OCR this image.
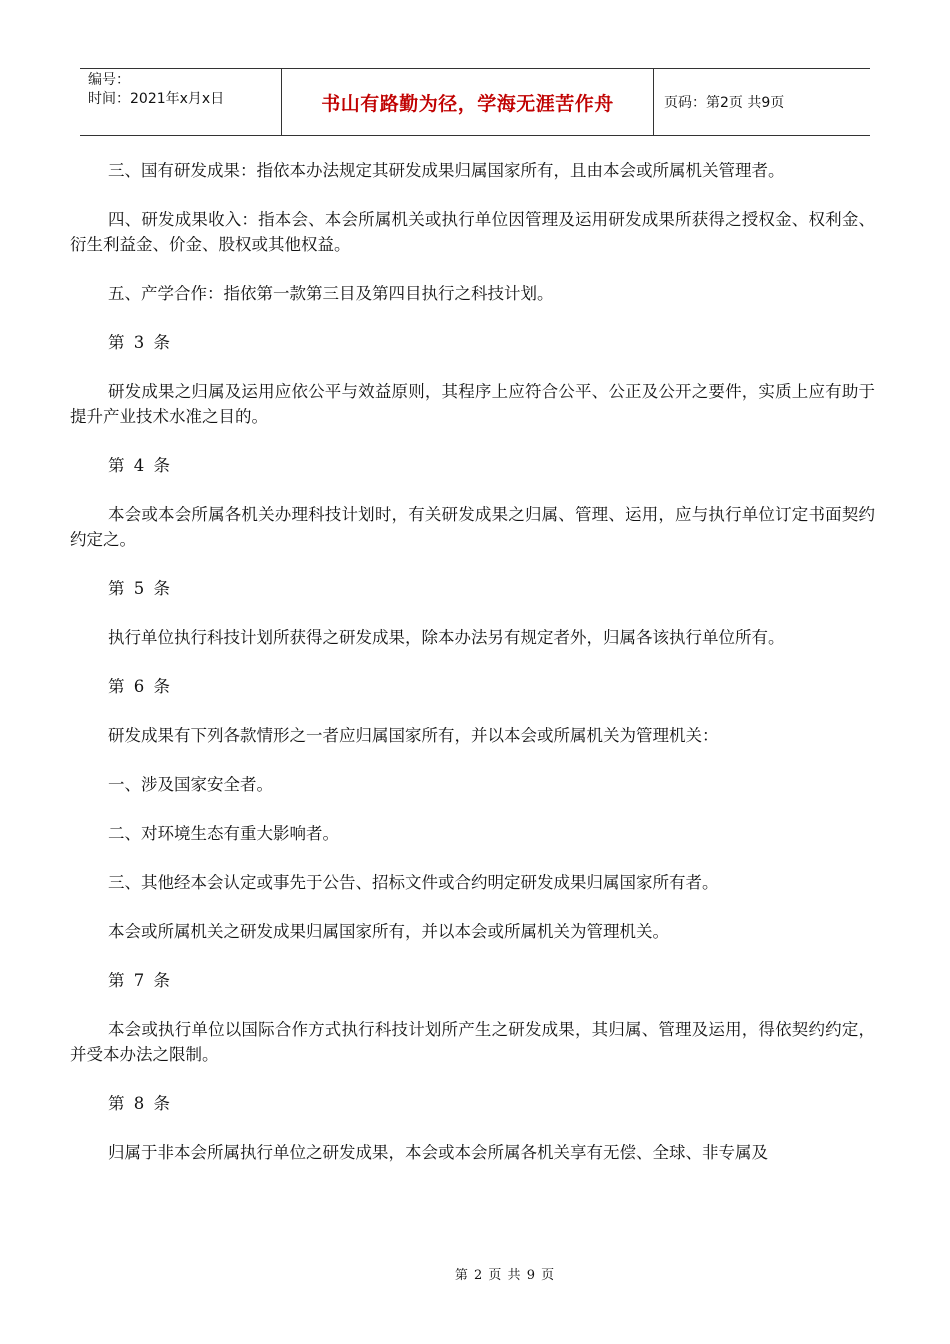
编号：
时间：2021年x月x日	书山有路勤为径，学海无涯苦作舟	页码：第2页 共9页

三、国有研发成果：指依本办法规定其研发成果归属国家所有，且由本会或所属机关管理者。

四、研发成果收入：指本会、本会所属机关或执行单位因管理及运用研发成果所获得之授权金、权利金、衍生利益金、价金、股权或其他权益。

五、产学合作：指依第一款第三目及第四目执行之科技计划。

第 3 条

研发成果之归属及运用应依公平与效益原则，其程序上应符合公平、公正及公开之要件，实质上应有助于提升产业技术水准之目的。

第 4 条

本会或本会所属各机关办理科技计划时，有关研发成果之归属、管理、运用，应与执行单位订定书面契约约定之。

第 5 条

执行单位执行科技计划所获得之研发成果，除本办法另有规定者外，归属各该执行单位所有。

第 6 条

研发成果有下列各款情形之一者应归属国家所有，并以本会或所属机关为管理机关：

一、涉及国家安全者。

二、对环境生态有重大影响者。

三、其他经本会认定或事先于公告、招标文件或合约明定研发成果归属国家所有者。

本会或所属机关之研发成果归属国家所有，并以本会或所属机关为管理机关。

第 7 条

本会或执行单位以国际合作方式执行科技计划所产生之研发成果，其归属、管理及运用，得依契约约定，并受本办法之限制。

第 8 条

归属于非本会所属执行单位之研发成果，本会或本会所属各机关享有无偿、全球、非专属及

第 2 页 共 9 页
